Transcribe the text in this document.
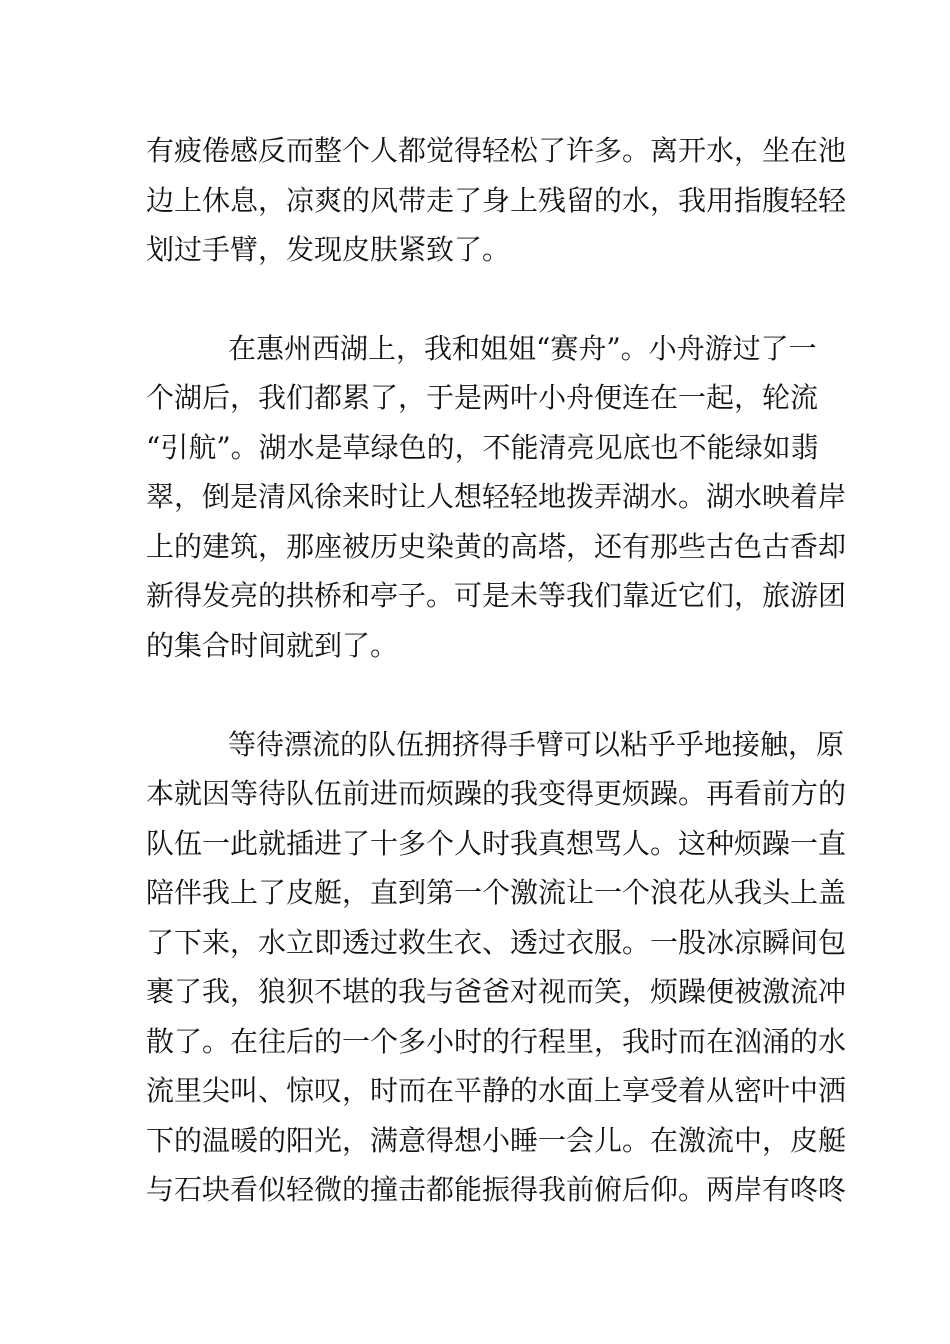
有疲倦感反而整个人都觉得轻松了许多。离开水，坐在池
边上休息，凉爽的风带走了身上残留的水，我用指腹轻轻
划过手臂，发现皮肤紧致了。
在惠州西湖上，我和姐姐“赛舟”。小舟游过了一
个湖后，我们都累了，于是两叶小舟便连在一起，轮流
“引航”。湖水是草绿色的，不能清亮见底也不能绿如翡
翠，倒是清风徐来时让人想轻轻地拨弄湖水。湖水映着岸
上的建筑，那座被历史染黄的高塔，还有那些古色古香却
新得发亮的拱桥和亭子。可是未等我们靠近它们，旅游团
的集合时间就到了。
等待漂流的队伍拥挤得手臂可以粘乎乎地接触，原
本就因等待队伍前进而烦躁的我变得更烦躁。再看前方的
队伍一此就插进了十多个人时我真想骂人。这种烦躁一直
陪伴我上了皮艇，直到第一个激流让一个浪花从我头上盖
了下来，水立即透过救生衣、透过衣服。一股冰凉瞬间包
裹了我，狼狈不堪的我与爸爸对视而笑，烦躁便被激流冲
散了。在往后的一个多小时的行程里，我时而在汹涌的水
流里尖叫、惊叹，时而在平静的水面上享受着从密叶中洒
下的温暖的阳光，满意得想小睡一会儿。在激流中，皮艇
与石块看似轻微的撞击都能振得我前俯后仰。两岸有咚咚
